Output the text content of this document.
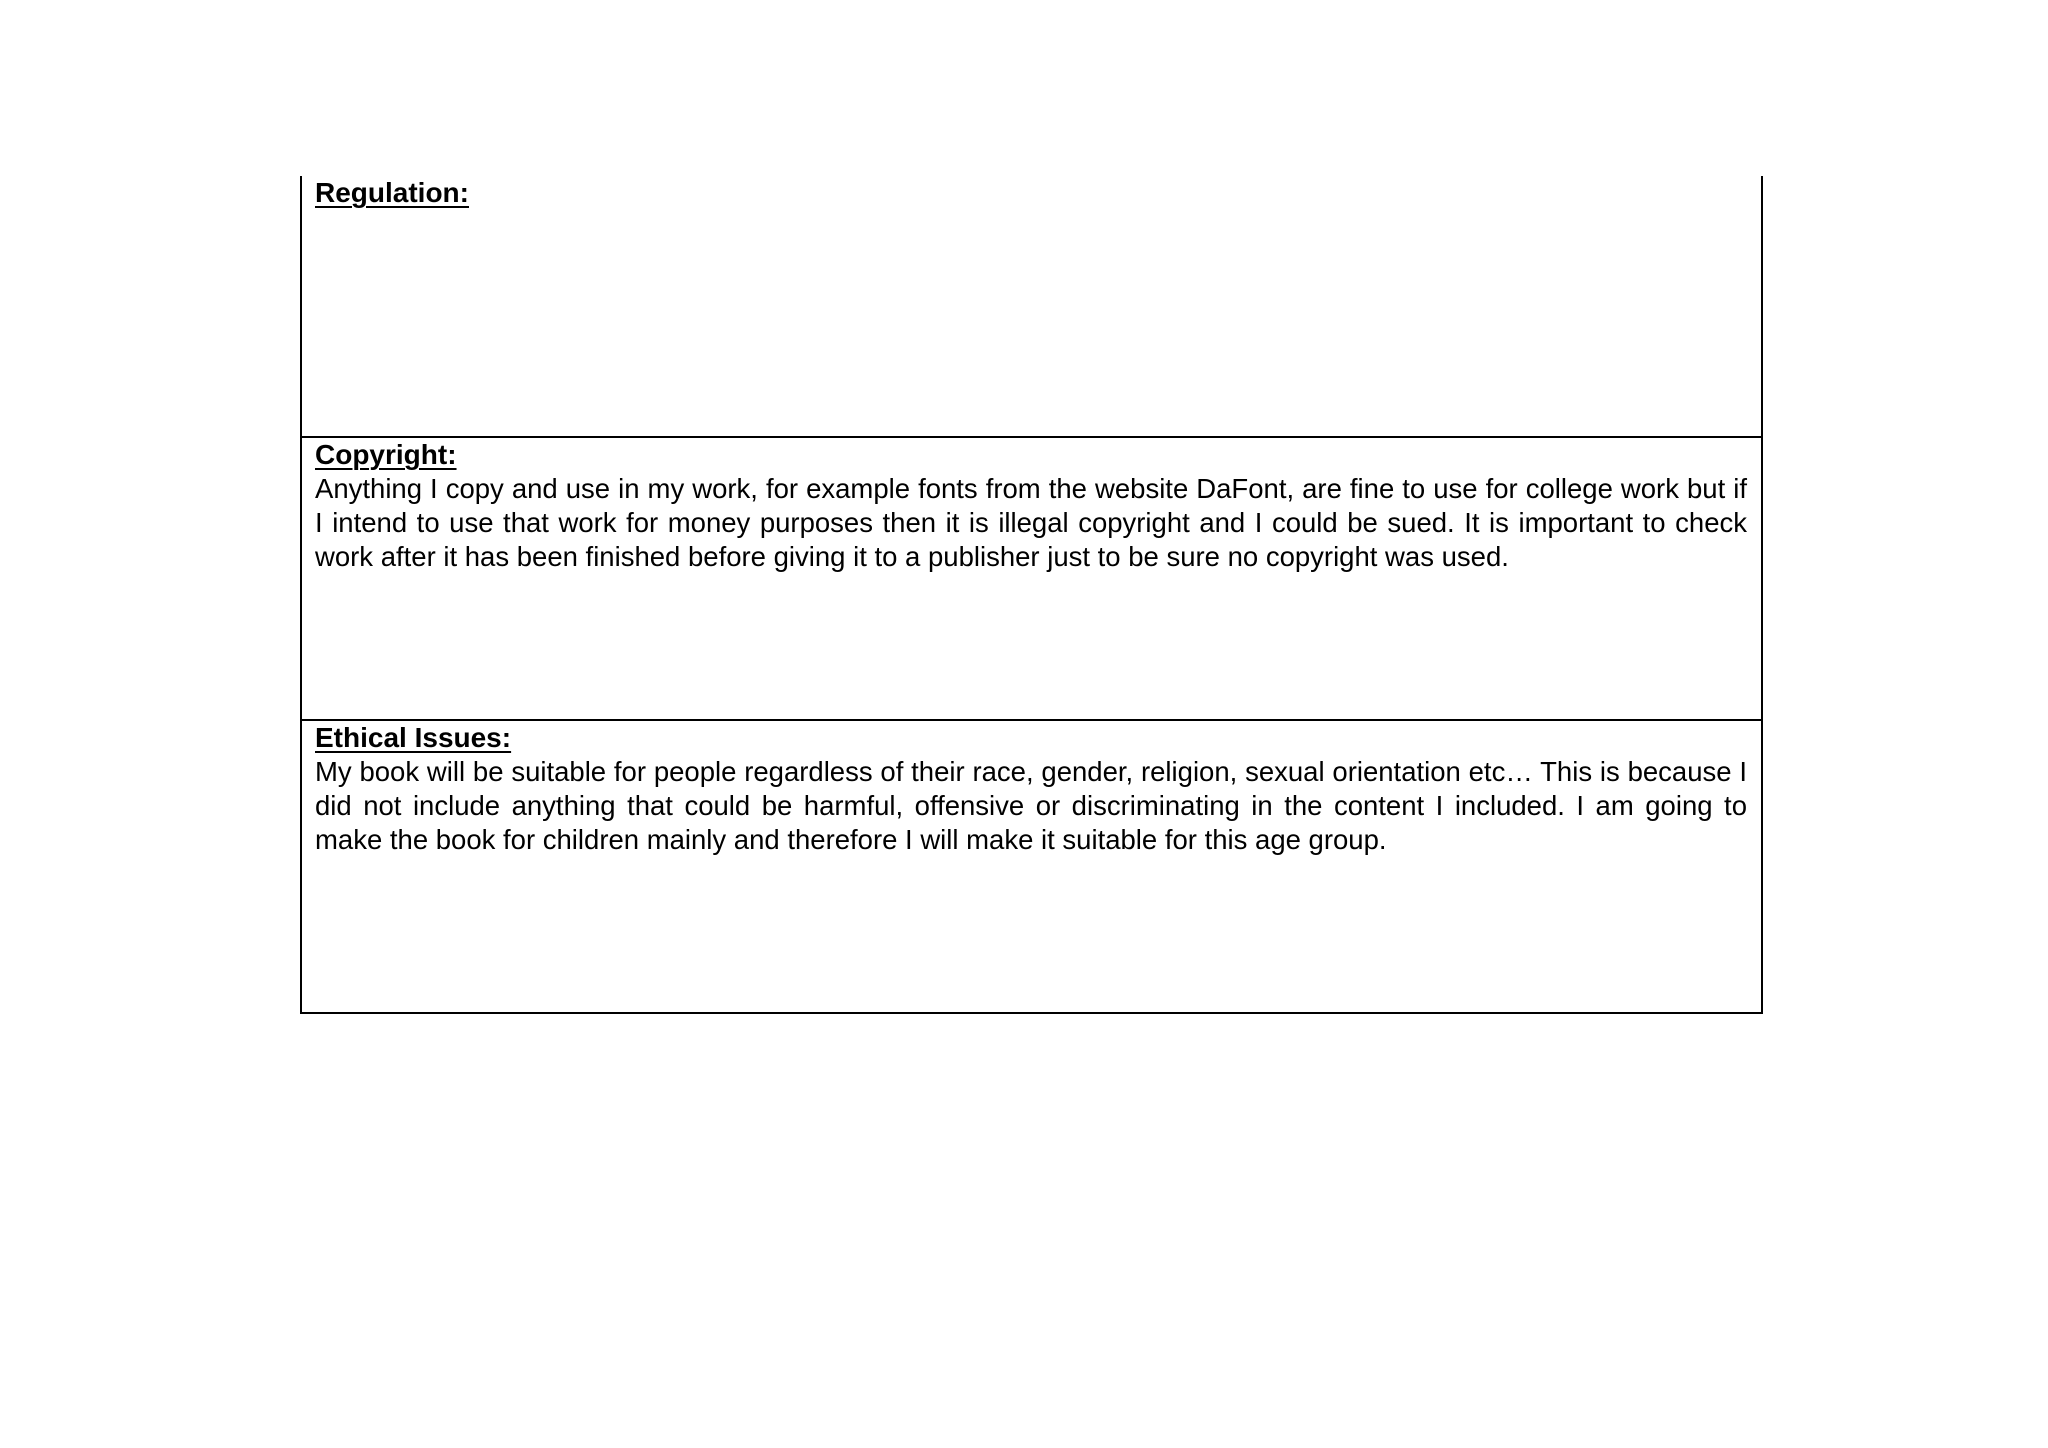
Regulation:

Copyright:

Anything I copy and use in my work, for example fonts from the website DaFont, are fine to use for college work but if I intend to use that work for money purposes then it is illegal copyright and I could be sued. It is important to check work after it has been finished before giving it to a publisher just to be sure no copyright was used.

Ethical Issues:

My book will be suitable for people regardless of their race, gender, religion, sexual orientation etc… This is because I did not include anything that could be harmful, offensive or discriminating in the content I included. I am going to make the book for children mainly and therefore I will make it suitable for this age group.
